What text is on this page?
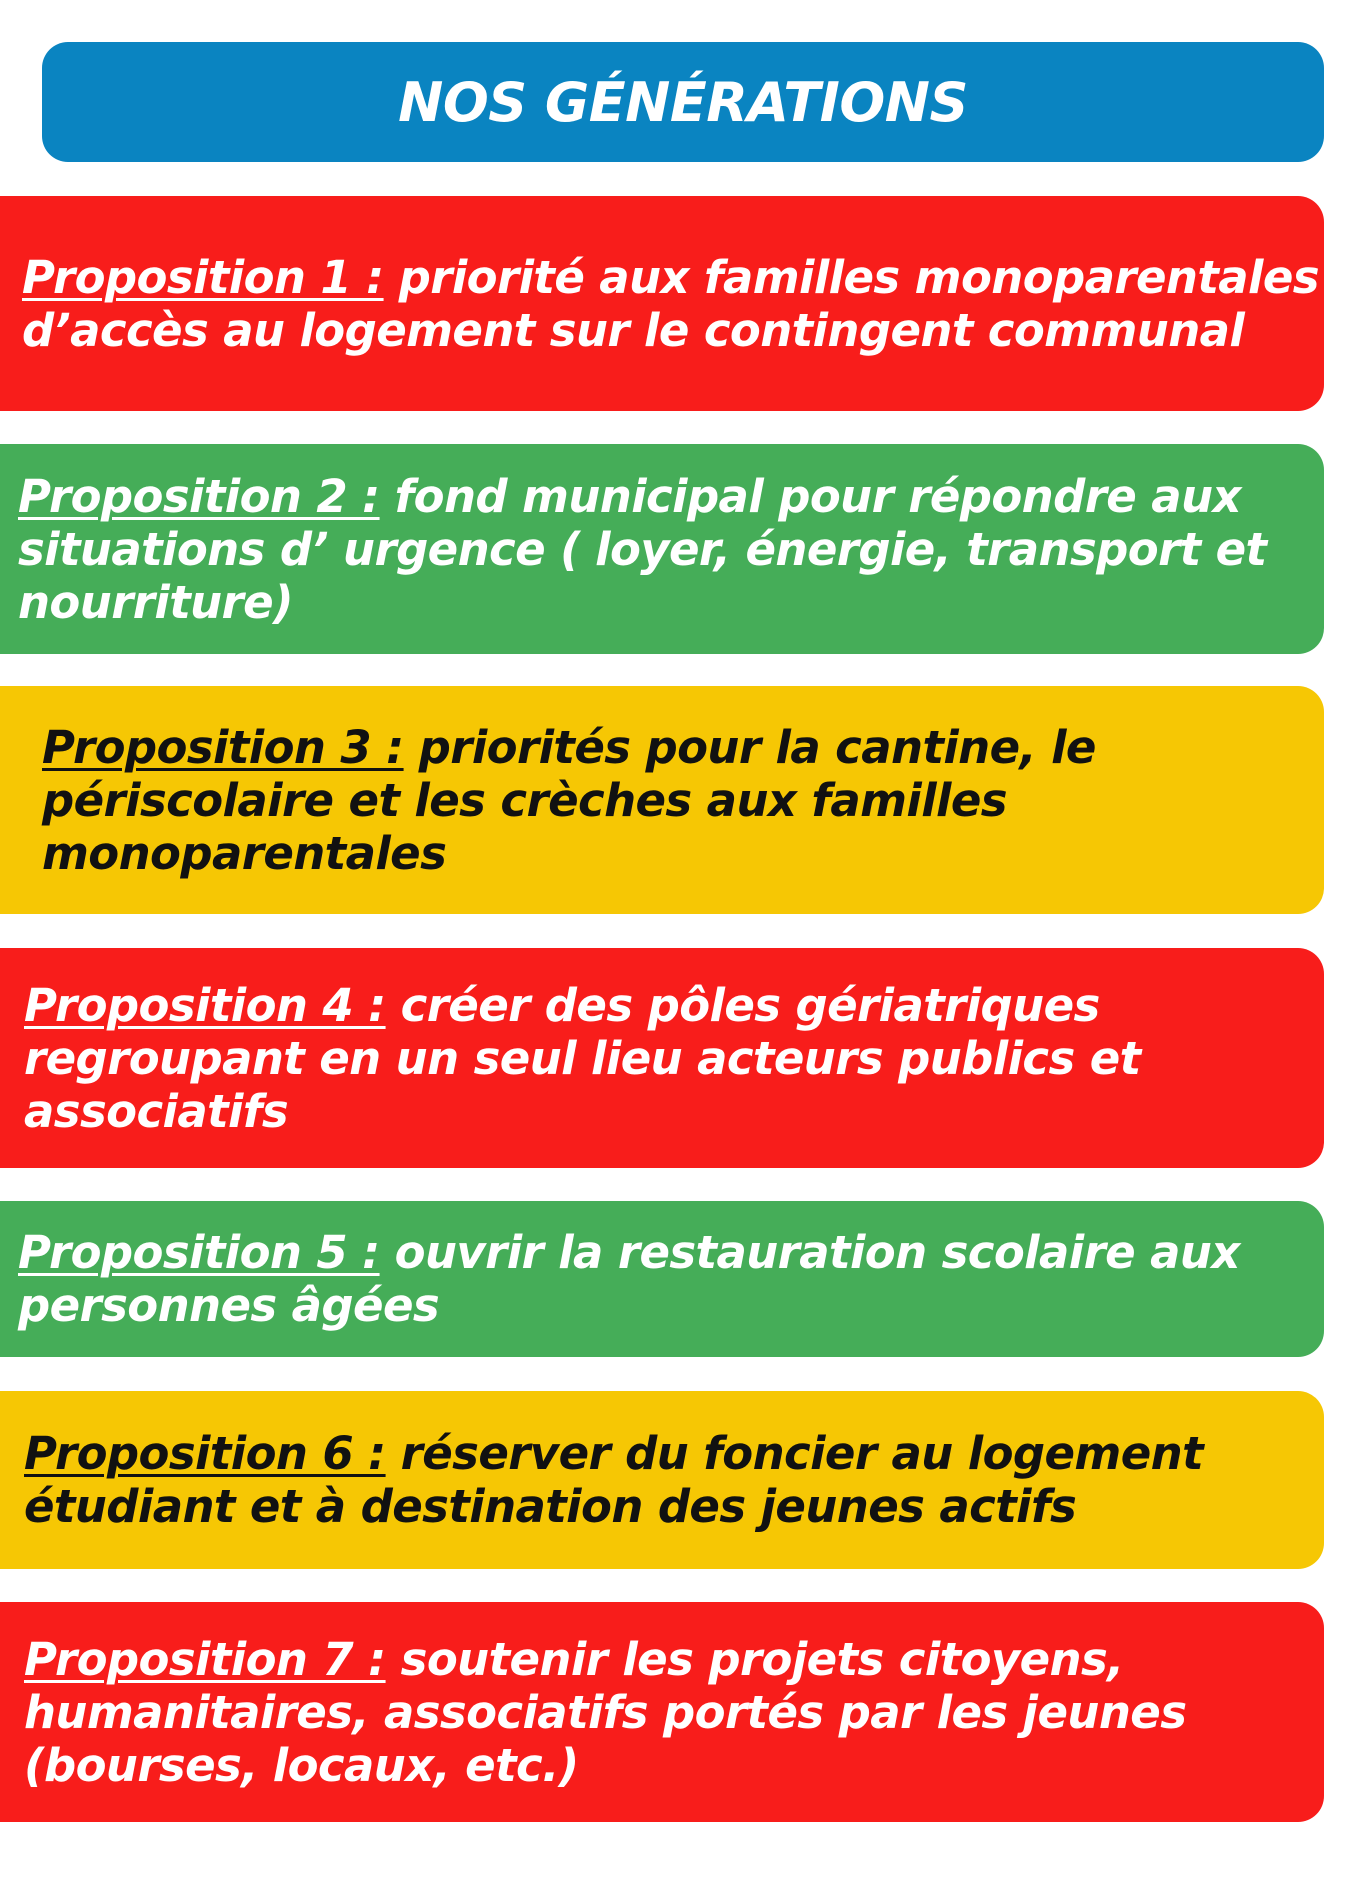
NOS GÉNÉRATIONS
Proposition 1 : priorité aux familles monoparentales d’accès au logement sur le contingent communal
Proposition 2 : fond municipal pour répondre aux situations d’ urgence ( loyer, énergie, transport et nourriture)
Proposition 3 : priorités pour la cantine, le périscolaire et les crèches aux familles monoparentales
Proposition 4 : créer des pôles gériatriques regroupant en un seul lieu acteurs publics et associatifs
Proposition 5 : ouvrir la restauration scolaire aux personnes âgées
Proposition 6 : réserver du foncier au logement étudiant et à destination des jeunes actifs
Proposition 7 : soutenir les projets citoyens, humanitaires, associatifs portés par les jeunes (bourses, locaux, etc.)
